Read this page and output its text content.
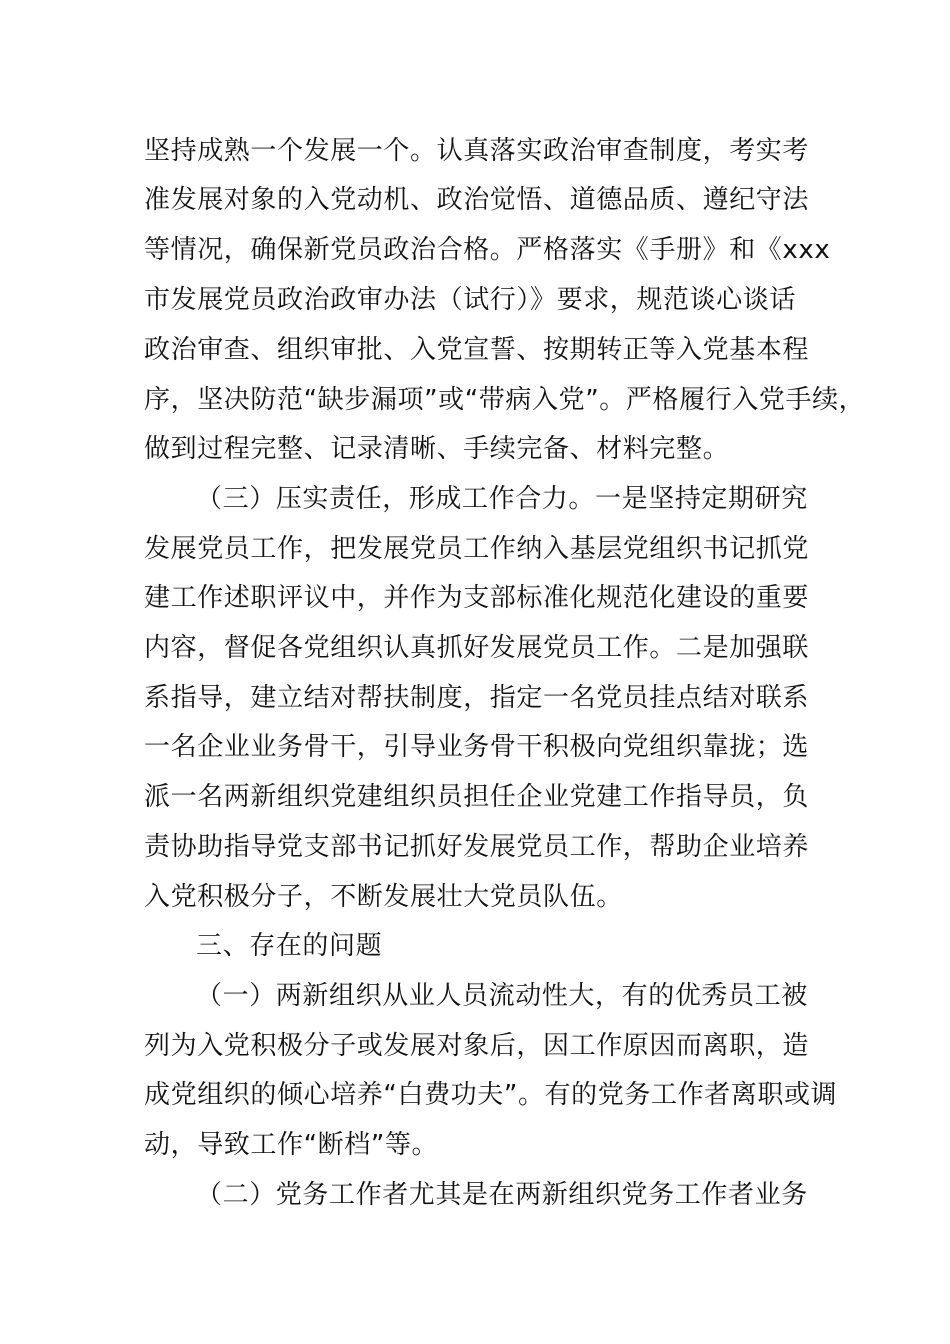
坚持成熟一个发展一个。认真落实政治审查制度，考实考
准发展对象的入党动机、政治觉悟、道德品质、遵纪守法
等情况，确保新党员政治合格。严格落实《手册》和《xxx
市发展党员政治政审办法（试行）》要求，规范谈心谈话
政治审查、组织审批、入党宣誓、按期转正等入党基本程
序，坚决防范“缺步漏项”或“带病入党”。严格履行入党手续，
做到过程完整、记录清晰、手续完备、材料完整。
（三）压实责任，形成工作合力。一是坚持定期研究
发展党员工作，把发展党员工作纳入基层党组织书记抓党
建工作述职评议中，并作为支部标准化规范化建设的重要
内容，督促各党组织认真抓好发展党员工作。二是加强联
系指导，建立结对帮扶制度，指定一名党员挂点结对联系
一名企业业务骨干，引导业务骨干积极向党组织靠拢；选
派一名两新组织党建组织员担任企业党建工作指导员，负
责协助指导党支部书记抓好发展党员工作，帮助企业培养
入党积极分子，不断发展壮大党员队伍。
三、存在的问题
（一）两新组织从业人员流动性大，有的优秀员工被
列为入党积极分子或发展对象后，因工作原因而离职，造
成党组织的倾心培养“白费功夫”。有的党务工作者离职或调
动，导致工作“断档”等。
（二）党务工作者尤其是在两新组织党务工作者业务
